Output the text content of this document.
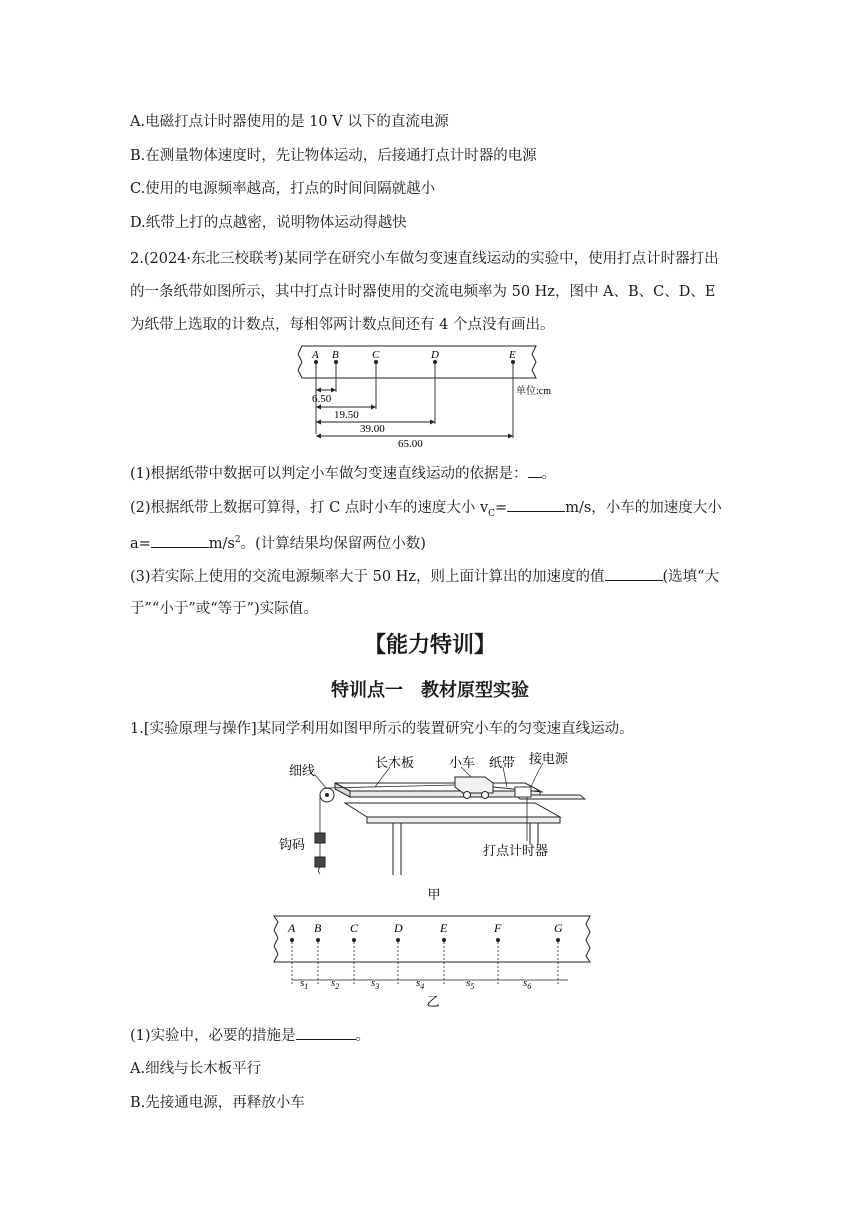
A.电磁打点计时器使用的是 10 V 以下的直流电源
B.在测量物体速度时，先让物体运动，后接通打点计时器的电源
C.使用的电源频率越高，打点的时间间隔就越小
D.纸带上打的点越密，说明物体运动得越快
2.(2024·东北三校联考)某同学在研究小车做匀变速直线运动的实验中，使用打点计时器打出
的一条纸带如图所示，其中打点计时器使用的交流电频率为 50 Hz，图中 A、B、C、D、E
为纸带上选取的计数点，每相邻两计数点间还有 4 个点没有画出。
A B	C	D	E
6.50
19.50
39.00
65.00
单位:cm
(1)根据纸带中数据可以判定小车做匀变速直线运动的依据是： 。
(2)根据纸带上数据可算得，打 C 点时小车的速度大小 $v_C=$	m/s，小车的加速度大小
a=	$m/s^2$。(计算结果均保留两位小数)
(3)若实际上使用的交流电源频率大于 50 Hz，则上面计算出的加速度的值	(选填“大
于”“小于”或“等于”)实际值。
【能力特训】
特训点一　教材原型实验
1.[实验原理与操作]某同学利用如图甲所示的装置研究小车的匀变速直线运动。
细线
长木板	小车 纸带 接电源
钩码	打点计时器
甲
A B C	D	E	F	G
$s_1$ $s_2$	$s_3$	$s_4$	$s_5$	$s_6$
乙
(1)实验中，必要的措施是	。
A.细线与长木板平行
B.先接通电源，再释放小车
